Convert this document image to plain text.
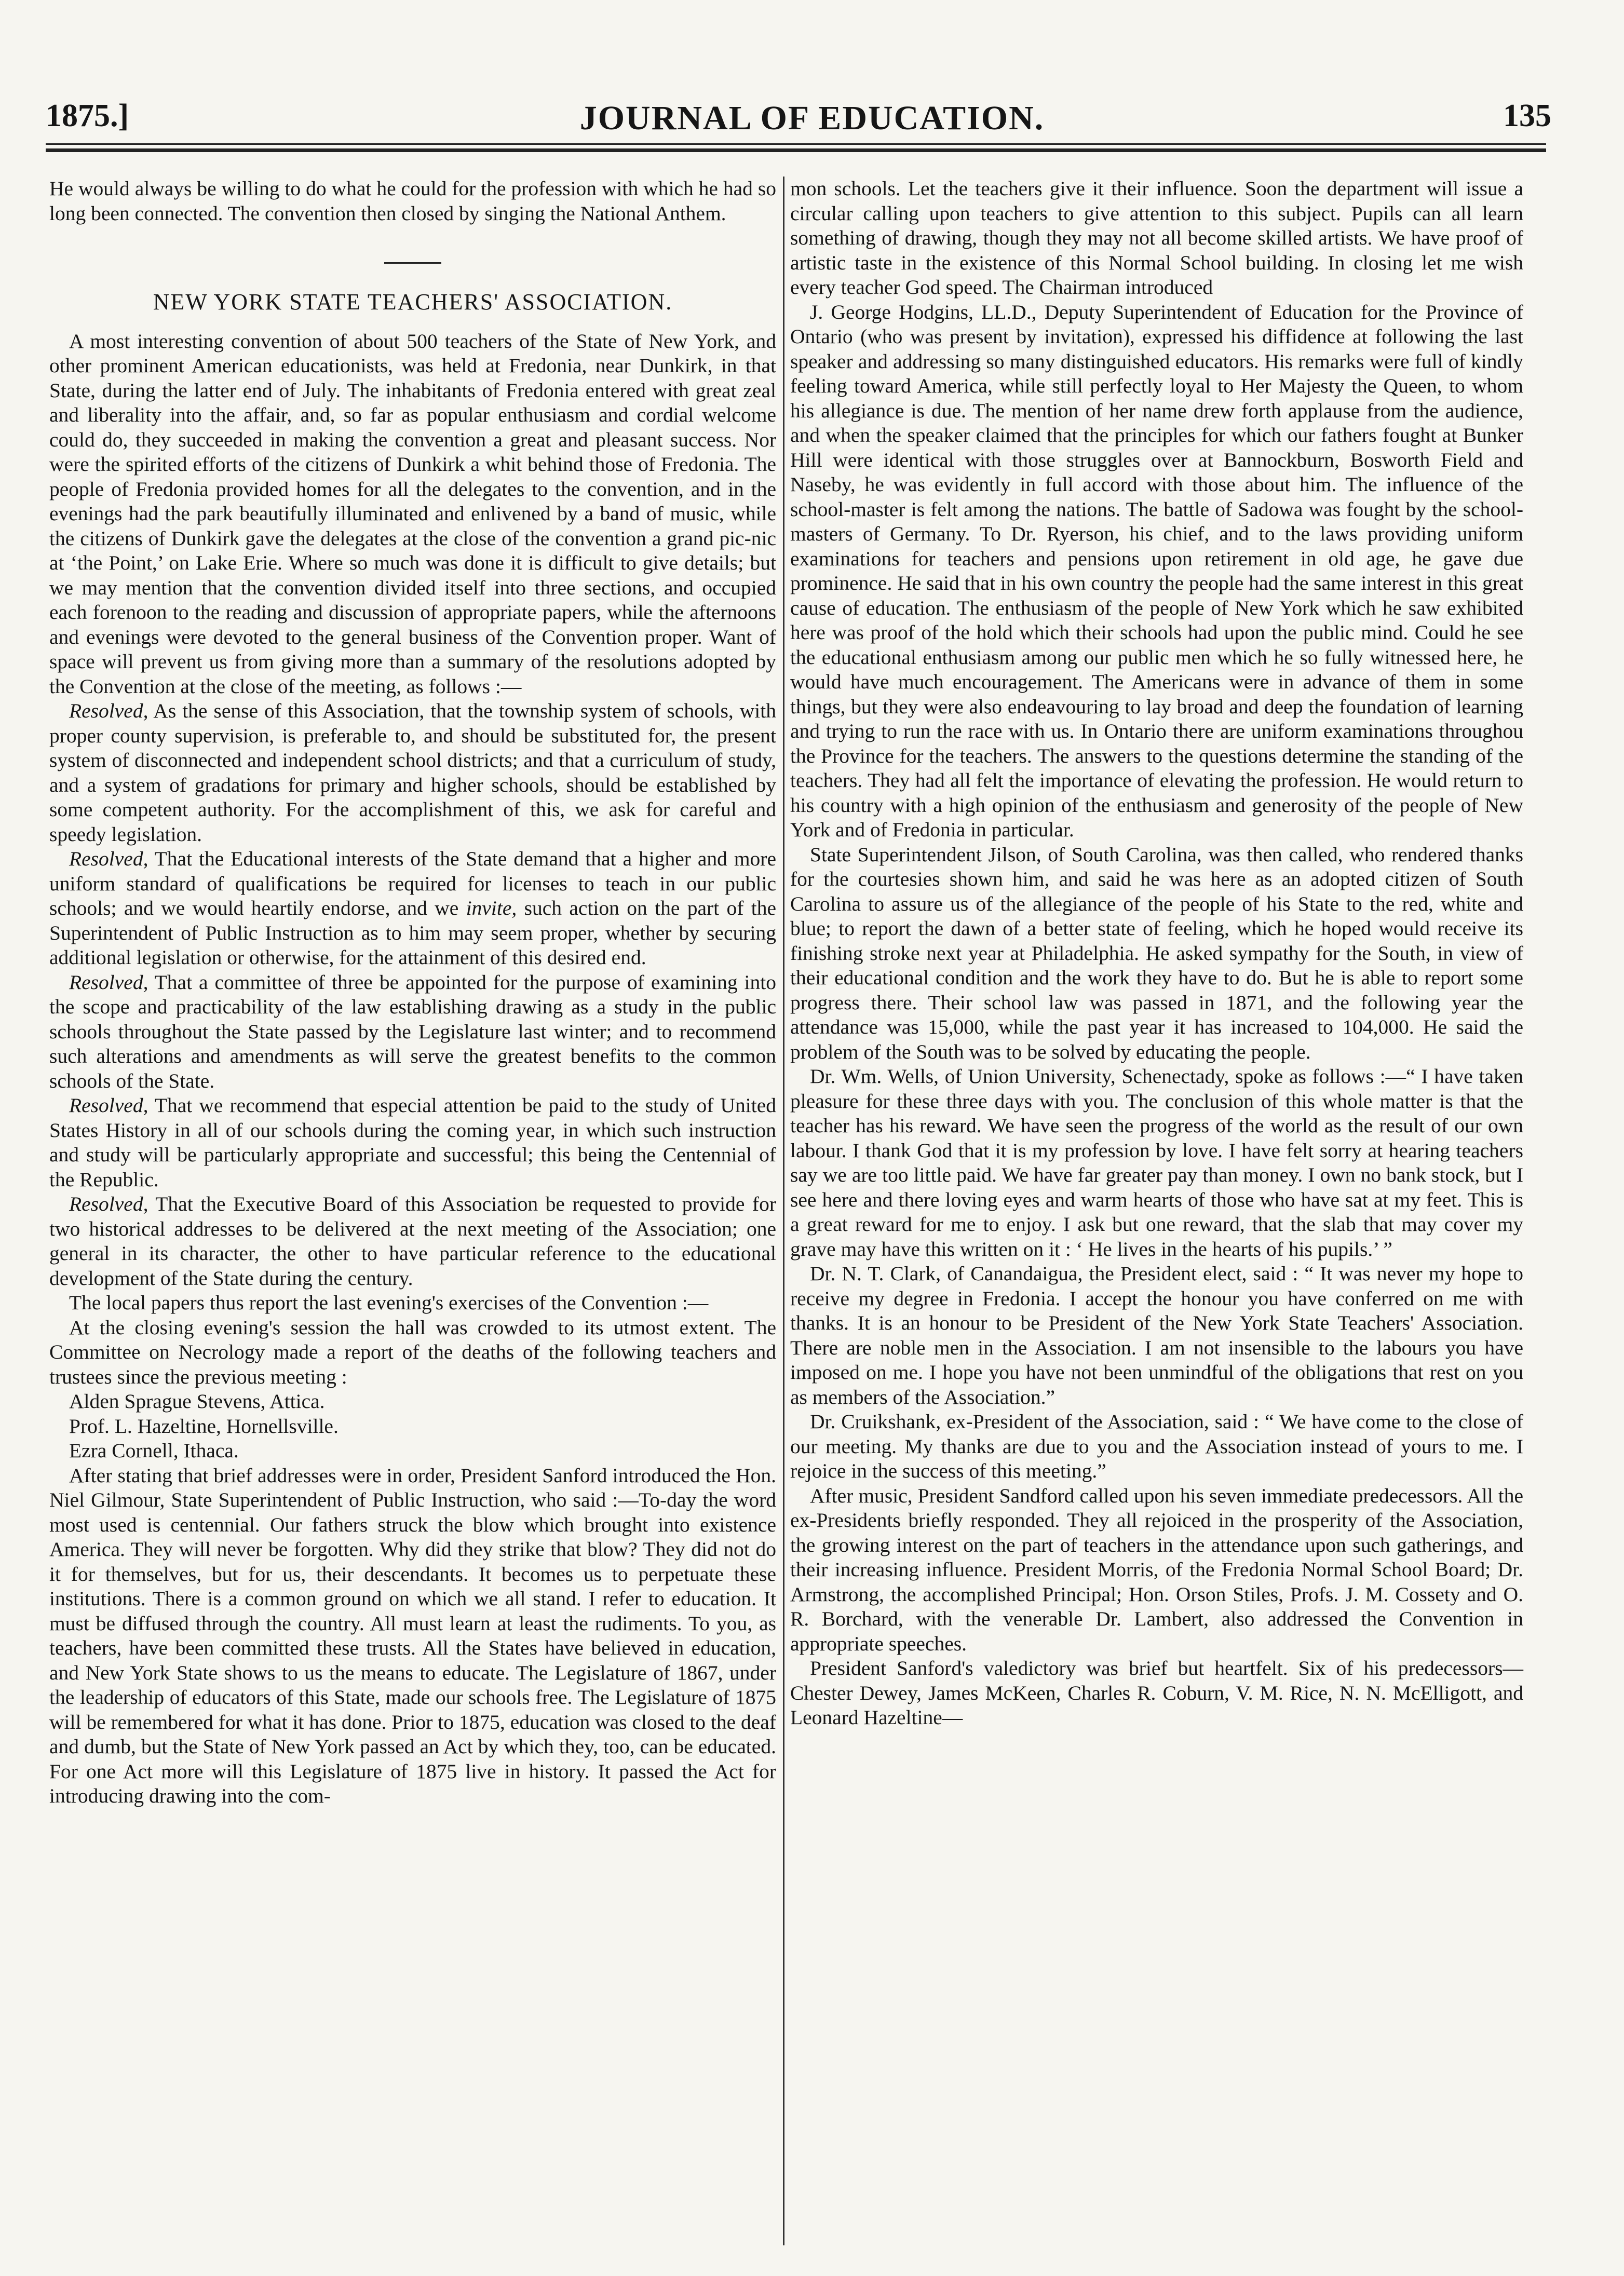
1875.]	JOURNAL OF EDUCATION.	135

He would always be willing to do what he could for the profession with which he had so long been connected. The convention then closed by singing the National Anthem.

NEW YORK STATE TEACHERS' ASSOCIATION.

A most interesting convention of about 500 teachers of the State of New York, and other prominent American educationists, was held at Fredonia, near Dunkirk, in that State, during the latter end of July. The inhabitants of Fredonia entered with great zeal and liberality into the affair, and, so far as popular enthusiasm and cordial welcome could do, they succeeded in making the convention a great and pleasant success. Nor were the spirited efforts of the citizens of Dunkirk a whit behind those of Fredonia. The people of Fredonia provided homes for all the delegates to the convention, and in the evenings had the park beautifully illuminated and enlivened by a band of music, while the citizens of Dunkirk gave the delegates at the close of the convention a grand pic-nic at ‘the Point,’ on Lake Erie. Where so much was done it is difficult to give details; but we may mention that the convention divided itself into three sections, and occupied each forenoon to the reading and discussion of appropriate papers, while the afternoons and evenings were devoted to the general business of the Convention proper. Want of space will prevent us from giving more than a summary of the resolutions adopted by the Convention at the close of the meeting, as follows :—

Resolved, As the sense of this Association, that the township system of schools, with proper county supervision, is preferable to, and should be substituted for, the present system of disconnected and independent school districts; and that a curriculum of study, and a system of gradations for primary and higher schools, should be established by some competent authority. For the accomplishment of this, we ask for careful and speedy legislation.

Resolved, That the Educational interests of the State demand that a higher and more uniform standard of qualifications be required for licenses to teach in our public schools; and we would heartily endorse, and we invite, such action on the part of the Superintendent of Public Instruction as to him may seem proper, whether by securing additional legislation or otherwise, for the attainment of this desired end.

Resolved, That a committee of three be appointed for the purpose of examining into the scope and practicability of the law establishing drawing as a study in the public schools throughout the State passed by the Legislature last winter; and to recommend such alterations and amendments as will serve the greatest benefits to the common schools of the State.

Resolved, That we recommend that especial attention be paid to the study of United States History in all of our schools during the coming year, in which such instruction and study will be particularly appropriate and successful; this being the Centennial of the Republic.

Resolved, That the Executive Board of this Association be requested to provide for two historical addresses to be delivered at the next meeting of the Association; one general in its character, the other to have particular reference to the educational development of the State during the century.

The local papers thus report the last evening's exercises of the Convention :—

At the closing evening's session the hall was crowded to its utmost extent. The Committee on Necrology made a report of the deaths of the following teachers and trustees since the previous meeting :

Alden Sprague Stevens, Attica.

Prof. L. Hazeltine, Hornellsville.

Ezra Cornell, Ithaca.

After stating that brief addresses were in order, President Sanford introduced the Hon. Niel Gilmour, State Superintendent of Public Instruction, who said :—To-day the word most used is centennial. Our fathers struck the blow which brought into existence America. They will never be forgotten. Why did they strike that blow? They did not do it for themselves, but for us, their descendants. It becomes us to perpetuate these institutions. There is a common ground on which we all stand. I refer to education. It must be diffused through the country. All must learn at least the rudiments. To you, as teachers, have been committed these trusts. All the States have believed in education, and New York State shows to us the means to educate. The Legislature of 1867, under the leadership of educators of this State, made our schools free. The Legislature of 1875 will be remembered for what it has done. Prior to 1875, education was closed to the deaf and dumb, but the State of New York passed an Act by which they, too, can be educated. For one Act more will this Legislature of 1875 live in history. It passed the Act for introducing drawing into the com-

mon schools. Let the teachers give it their influence. Soon the department will issue a circular calling upon teachers to give attention to this subject. Pupils can all learn something of drawing, though they may not all become skilled artists. We have proof of artistic taste in the existence of this Normal School building. In closing let me wish every teacher God speed. The Chairman introduced

J. George Hodgins, LL.D., Deputy Superintendent of Education for the Province of Ontario (who was present by invitation), expressed his diffidence at following the last speaker and addressing so many distinguished educators. His remarks were full of kindly feeling toward America, while still perfectly loyal to Her Majesty the Queen, to whom his allegiance is due. The mention of her name drew forth applause from the audience, and when the speaker claimed that the principles for which our fathers fought at Bunker Hill were identical with those struggles over at Bannockburn, Bosworth Field and Naseby, he was evidently in full accord with those about him. The influence of the school-master is felt among the nations. The battle of Sadowa was fought by the school-masters of Germany. To Dr. Ryerson, his chief, and to the laws providing uniform examinations for teachers and pensions upon retirement in old age, he gave due prominence. He said that in his own country the people had the same interest in this great cause of education. The enthusiasm of the people of New York which he saw exhibited here was proof of the hold which their schools had upon the public mind. Could he see the educational enthusiasm among our public men which he so fully witnessed here, he would have much encouragement. The Americans were in advance of them in some things, but they were also endeavouring to lay broad and deep the foundation of learning and trying to run the race with us. In Ontario there are uniform examinations throughou the Province for the teachers. The answers to the questions determine the standing of the teachers. They had all felt the importance of elevating the profession. He would return to his country with a high opinion of the enthusiasm and generosity of the people of New York and of Fredonia in particular.

State Superintendent Jilson, of South Carolina, was then called, who rendered thanks for the courtesies shown him, and said he was here as an adopted citizen of South Carolina to assure us of the allegiance of the people of his State to the red, white and blue; to report the dawn of a better state of feeling, which he hoped would receive its finishing stroke next year at Philadelphia. He asked sympathy for the South, in view of their educational condition and the work they have to do. But he is able to report some progress there. Their school law was passed in 1871, and the following year the attendance was 15,000, while the past year it has increased to 104,000. He said the problem of the South was to be solved by educating the people.

Dr. Wm. Wells, of Union University, Schenectady, spoke as follows :—“ I have taken pleasure for these three days with you. The conclusion of this whole matter is that the teacher has his reward. We have seen the progress of the world as the result of our own labour. I thank God that it is my profession by love. I have felt sorry at hearing teachers say we are too little paid. We have far greater pay than money. I own no bank stock, but I see here and there loving eyes and warm hearts of those who have sat at my feet. This is a great reward for me to enjoy. I ask but one reward, that the slab that may cover my grave may have this written on it : ‘ He lives in the hearts of his pupils.’ ”

Dr. N. T. Clark, of Canandaigua, the President elect, said : “ It was never my hope to receive my degree in Fredonia. I accept the honour you have conferred on me with thanks. It is an honour to be President of the New York State Teachers' Association. There are noble men in the Association. I am not insensible to the labours you have imposed on me. I hope you have not been unmindful of the obligations that rest on you as members of the Association.”

Dr. Cruikshank, ex-President of the Association, said : “ We have come to the close of our meeting. My thanks are due to you and the Association instead of yours to me. I rejoice in the success of this meeting.”

After music, President Sandford called upon his seven immediate predecessors. All the ex-Presidents briefly responded. They all rejoiced in the prosperity of the Association, the growing interest on the part of teachers in the attendance upon such gatherings, and their increasing influence. President Morris, of the Fredonia Normal School Board; Dr. Armstrong, the accomplished Principal; Hon. Orson Stiles, Profs. J. M. Cossety and O. R. Borchard, with the venerable Dr. Lambert, also addressed the Convention in appropriate speeches.

President Sanford's valedictory was brief but heartfelt. Six of his predecessors—Chester Dewey, James McKeen, Charles R. Coburn, V. M. Rice, N. N. McElligott, and Leonard Hazeltine—
